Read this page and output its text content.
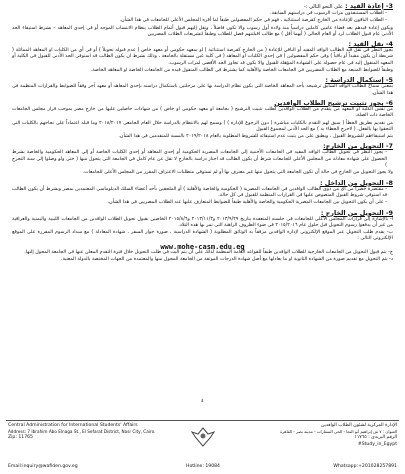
3- إعادة القيد : على النحو التالى :-

- الطلاب المستنفذون مرات الرسوب فى دراستهم السابقة.

- الطلاب الباقون للإعادة من الخارج كفرصة استثنائية ، فهم فى حكم المفصولين طبقاً لما أقره المجلس الأعلى للجامعات فى هذا الشأن.

ويكون إعادة قيدهم بعد قضاء عامين كاملين دراسياً منذ ولادة أول رسوب والا تكون فاصلاً ، ونقل إليهم قبول أتمام الطلاب بنظام الانتساب الموجه أو فى إحدى المعاهد – بشرط استيفاء الحد الأدنى عام قبول الطلاب لرد أو العام الحالى ( أيهما أقل ) مع طالب اقبلتتهم فصل للطلاب وطبقاً لتشريعات الطلاب المصريين

4- نقل القيد :

يجوز النظر في نقل قيد الطالب الوافد المقيد أو الباقي للإعادة ( من الخارج كفرصة استثنائية ) او بمعهد حكومى أو معهد خاص ( عدم قبوله تحويلاً ) أو فى أى من الكليات او المعاهد المماثلة ( شريطة أن يكون مقيداً أو باقياً ) وفى حكم المفصولين ) فى إحدى الكليات او المعاهد ( فى كلية عين مستقلة بالجامعة ، وذلك بشرط ان يكون الطالب قد استوفى الحد الأدنى للقبول فى الكلية أو المعهد المنقول إليه فى عام حصوله على الشهادة المؤهلة للقبول والا يكون قد تجاوز الحد الأقصى لمرات الرسوب.

وطبقاً للضوابط المتبعة مع الطلاب المصريين فى الجامعات الخاصة والأهلية كما يشترط فى الطالب المنقول قيده من الجامعات الخاصة او المعاهد الخاصة.

5- إستكمال الدراسة :

بمعنى سماح للطالب الوافد السابق ترشيحه بأحد المعاهد الخاصة التى يكون نظام الدراسة بها على مرحلتين باستكمال دراسته بإحدى المعاهد أو معهد آخر وفقاً للضوابط والقرارات المنظمة فى هذا الشأن.

6- يجوز تثبيت ترشيح الطلاب الوافدين

من نفس الكلية او المعهد من يتقدم من الطلاب الوافدين لطلب تثبيت الترشيح ( بجامعة او معهد حكومى او خاص ) من شهادات حاصلين عليها من خارج مصر بموجب قرار مجلس الجامعات الخاصة ذات الصلة.

من تقديم بطريق الخطأ ( سبق لهم التقدم بالكليات مباشرة ( دون الرجوع للإدارة ) ) وسمح لهم بالانتظام بالدراسة خلال العام الجامعى ٢٠١٨/٢٠١٧ وما قبله اعتماداً على نجاحهم بالكليات التى التحقوا بها بالفعل. ( لاحرج الخطاء به ) مع الحد الأدنى لمجموع القبول

يتم استيفاءهم للشروط القبول ، ويطبق على من يثبت عدم استيفائه للشروط المطلوبة بالعام ٢٠١٩/٢٠١٨ بالنسبة للمتقدمين فى هذا الشأن.

7- التحويل من الخارج:

- يجوز النظر فى تحويل الطالب الوافد المقيد فى الجامعات الأجنبية إلى الجامعات المصرية الحكومية أو إحدى المعاهد أو إحدى الكليات الخاصة أو إلى المعاهد الحكومية والخاصة بشرط الحصول على شهادة معادلة من المجلس الأعلى للجامعات شرط أن يكون الطالب قد اجتاز دراسة بالخارج لا تقل عن عام كامل في الجامعة التى يتحول منها ( حتى ولو وصلوا إلى سنة التخرج )

ولا يجوز التحويل من الخارج فى حالة أن تكون الجامعة التى يتحول منها غير معترف بها أو لم تستوفى متطلبات الاعتراف المقرر من المجلس الأعلى للجامعات.

8- التحويل من الداخل :

- مقتصرة حصراً من أي من ذوى الطالب الوافدين فى الجامعات المصرية ( الحكومية والخاصة والأهلية ) أو الملحقين بأحد أعضاء السلك الدبلوماسى المعتمدين بمصر وبشرط أن يكون الطالب قد استوفى شروط القبول المنصوص عليها فى القرارات المنظمة للقبول فى كل حالة.

- على أن يكون التحويل بين الجامعات المصرية الحكومية والخاصة والأهلية طبقاً للضوابط المتعارف عليها عند الطلاب المصريين فى هذا الشأن.

9- التحويل من الخارج :

أ- بالإشارة إلى قرارات المجلس الأعلى للجامعات فى جلسته المنعقدة بتاريخ ٢٠١٣/٩/٢٩ و٢٠١٣/١١/٣ و٢٠١٥/٨/٦ الخاصين بقبول تحويل الطلاب الوافدين من الجامعات الليبية واليمنية والعراقية من غير أن يدفعوا رسوم التحويل قبل حلول عام ٢٠١٥/٢٠١٦ فى ضوء الظروف الراهنة التى تمر بها هذه البلاد.

ب- يقدم طلب التحويل عبر الموقع الإلكترونى لإدارة الوافدين مرفقاً به الوثائق المطلوبة ( الشهادة الدراسية ، صورة جواز السفر ، شهادة المعادلة ) مع سداد الرسوم المقررة على الموقع الإلكترونى التالى :

www.mohe-casm.edu.eg

ج- يتم قبول التحويل من الجامعات الخارجية للطلاب الوافدين طبقاً للقواعد العامة المنظمة لذلك على أن يتم البت فى طلب التحويل خلال فترة التقدم المعلن عنها فى الجامعة المحول إليها.

د- يتم التحويل مع تقديم صورة من الشهادة الثانوية او ما يعادلها مع أصل شهادة الدرجات الموثقة من الجامعة المحول منها والمعتمدة من الجهات المختصة بالدولة المعنية.

٤
Central Administration for International Students' Affairs
Address: 7 Ibrahim Abo Elnaga St., El Sefarat District, Nasr City, Cairo.
Zip: 11765
الإدارة المركزية لشئون الطلاب الوافدين
العنوان : ٧ ش إبراهيم أبو النجا - الحى السفارات - مدينة نصر - القاهرة
الرقم البريدى : ١١٧٦٥
#Study_in_Egypt
Email:inquiry@wafiden.gov.eg	Hotline: 19084	Whatsapp:+201028257891
